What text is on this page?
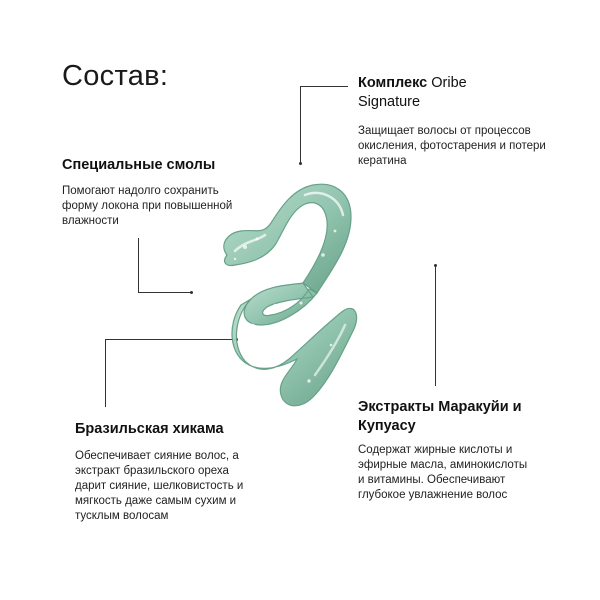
Состав:	Комплекс Oribe Signature
Защищает волосы от процессов окисления, фотостарения и потери кератина
Специальные смолы
Помогают надолго сохранить форму локона при повышенной влажности
Бразильская хикама
Обеспечивает сияние волос, а экстракт бразильского ореха дарит сияние, шелковистость и мягкость даже самым сухим и тусклым волосам
Экстракты Маракуйи и Купуасу
Содержат жирные кислоты и эфирные масла, аминокислоты и витамины. Обеспечивают глубокое увлажнение волос
